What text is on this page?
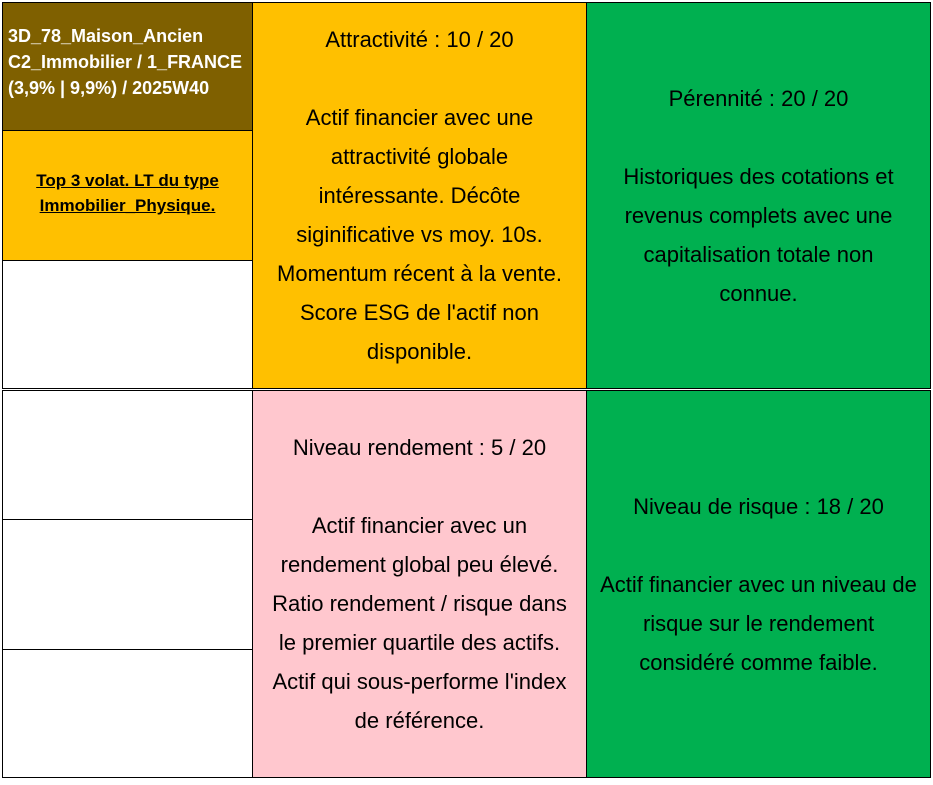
3D_78_Maison_Ancien
C2_Immobilier / 1_FRANCE
(3,9% | 9,9%) / 2025W40
Top 3 volat. LT du type
Immobilier_Physique.
Attractivité : 10 / 20
Actif financier avec une
attractivité globale
intéressante. Décôte
siginificative vs moy. 10s.
Momentum récent à la vente.
Score ESG de l'actif non
disponible.
Pérennité : 20 / 20
Historiques des cotations et
revenus complets avec une
capitalisation totale non
connue.
Niveau rendement : 5 / 20
Actif financier avec un
rendement global peu élevé.
Ratio rendement / risque dans
le premier quartile des actifs.
Actif qui sous-performe l'index
de référence.
Niveau de risque : 18 / 20
Actif financier avec un niveau de
risque sur le rendement
considéré comme faible.
